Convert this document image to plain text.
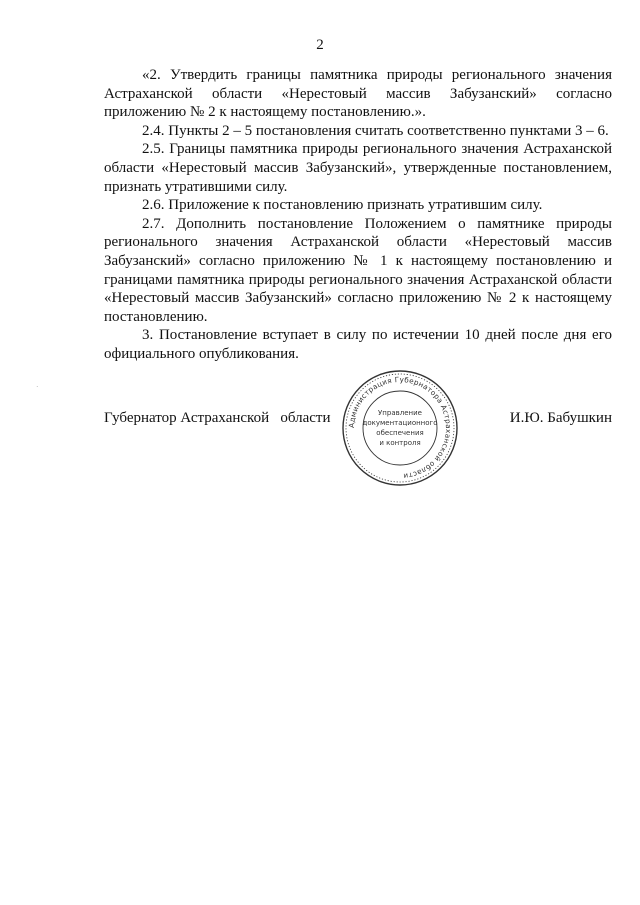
2

«2. Утвердить границы памятника природы регионального значения Астраханской области «Нерестовый массив Забузанский» согласно приложению № 2 к настоящему постановлению.».

2.4. Пункты 2 – 5 постановления считать соответственно пунктами 3 – 6.

2.5. Границы памятника природы регионального значения Астраханской области «Нерестовый массив Забузанский», утвержденные постановлением, признать утратившими силу.

2.6. Приложение к постановлению признать утратившим силу.

2.7. Дополнить постановление Положением о памятнике природы регионального значения Астраханской области «Нерестовый массив Забузанский» согласно приложению № 1 к настоящему постановлению и границами памятника природы регионального значения Астраханской области «Нерестовый массив Забузанский» согласно приложению № 2 к настоящему постановлению.

3. Постановление вступает в силу по истечении 10 дней после дня его официального опубликования.

Губернатор Астраханской   области	И.Ю. Бабушкин
Администрация Губернатора Астраханской области
Управление
документационного
обеспечения
и контроля
.
